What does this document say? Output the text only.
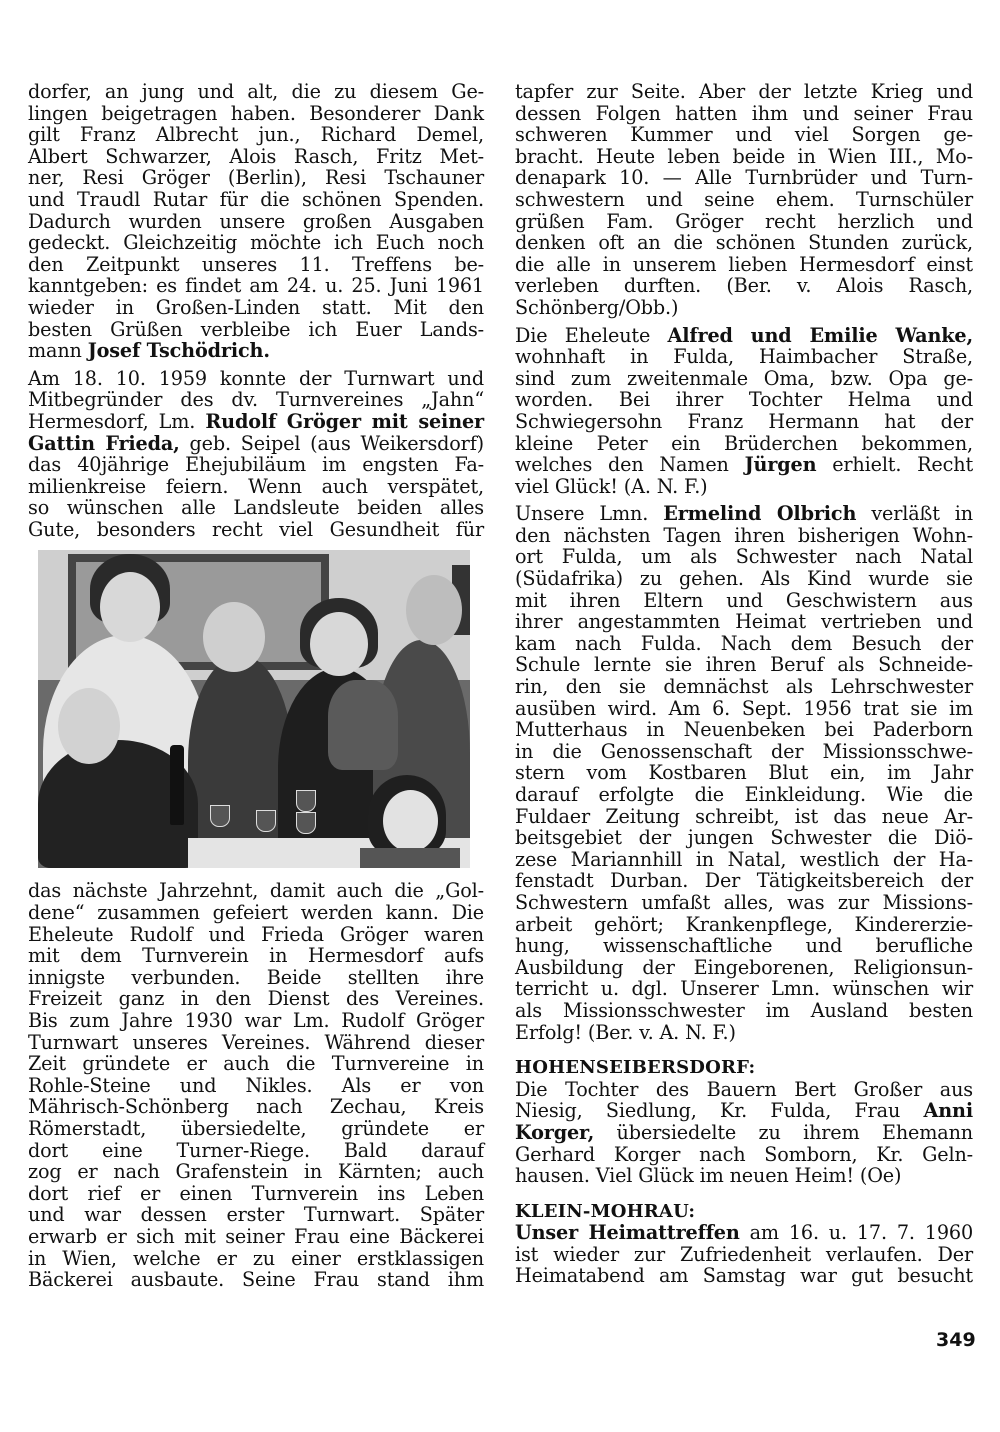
dorfer, an jung und alt, die zu diesem Ge-
lingen beigetragen haben. Besonderer Dank
gilt Franz Albrecht jun., Richard Demel,
Albert Schwarzer, Alois Rasch, Fritz Met-
ner, Resi Gröger (Berlin), Resi Tschauner
und Traudl Rutar für die schönen Spenden.
Dadurch wurden unsere großen Ausgaben
gedeckt. Gleichzeitig möchte ich Euch noch
den Zeitpunkt unseres 11. Treffens be-
kanntgeben: es findet am 24. u. 25. Juni 1961
wieder in Großen-Linden statt. Mit den
besten Grüßen verbleibe ich Euer Lands-
mann Josef Tschödrich.
Am 18. 10. 1959 konnte der Turnwart und
Mitbegründer des dv. Turnvereines „Jahn“
Hermesdorf, Lm. Rudolf Gröger mit seiner
Gattin Frieda, geb. Seipel (aus Weikersdorf)
das 40jährige Ehejubiläum im engsten Fa-
milienkreise feiern. Wenn auch verspätet,
so wünschen alle Landsleute beiden alles
Gute, besonders recht viel Gesundheit für
das nächste Jahrzehnt, damit auch die „Gol-
dene“ zusammen gefeiert werden kann. Die
Eheleute Rudolf und Frieda Gröger waren
mit dem Turnverein in Hermesdorf aufs
innigste verbunden. Beide stellten ihre
Freizeit ganz in den Dienst des Vereines.
Bis zum Jahre 1930 war Lm. Rudolf Gröger
Turnwart unseres Vereines. Während dieser
Zeit gründete er auch die Turnvereine in
Rohle-Steine und Nikles. Als er von
Mährisch-Schönberg nach Zechau, Kreis
Römerstadt, übersiedelte, gründete er
dort eine Turner-Riege. Bald darauf
zog er nach Grafenstein in Kärnten; auch
dort rief er einen Turnverein ins Leben
und war dessen erster Turnwart. Später
erwarb er sich mit seiner Frau eine Bäckerei
in Wien, welche er zu einer erstklassigen
Bäckerei ausbaute. Seine Frau stand ihm
tapfer zur Seite. Aber der letzte Krieg und
dessen Folgen hatten ihm und seiner Frau
schweren Kummer und viel Sorgen ge-
bracht. Heute leben beide in Wien III., Mo-
denapark 10. — Alle Turnbrüder und Turn-
schwestern und seine ehem. Turnschüler
grüßen Fam. Gröger recht herzlich und
denken oft an die schönen Stunden zurück,
die alle in unserem lieben Hermesdorf einst
verleben durften. (Ber. v. Alois Rasch,
Schönberg/Obb.)
Die Eheleute Alfred und Emilie Wanke,
wohnhaft in Fulda, Haimbacher Straße,
sind zum zweitenmale Oma, bzw. Opa ge-
worden. Bei ihrer Tochter Helma und
Schwiegersohn Franz Hermann hat der
kleine Peter ein Brüderchen bekommen,
welches den Namen Jürgen erhielt. Recht
viel Glück! (A. N. F.)
Unsere Lmn. Ermelind Olbrich verläßt in
den nächsten Tagen ihren bisherigen Wohn-
ort Fulda, um als Schwester nach Natal
(Südafrika) zu gehen. Als Kind wurde sie
mit ihren Eltern und Geschwistern aus
ihrer angestammten Heimat vertrieben und
kam nach Fulda. Nach dem Besuch der
Schule lernte sie ihren Beruf als Schneide-
rin, den sie demnächst als Lehrschwester
ausüben wird. Am 6. Sept. 1956 trat sie im
Mutterhaus in Neuenbeken bei Paderborn
in die Genossenschaft der Missionsschwe-
stern vom Kostbaren Blut ein, im Jahr
darauf erfolgte die Einkleidung. Wie die
Fuldaer Zeitung schreibt, ist das neue Ar-
beitsgebiet der jungen Schwester die Diö-
zese Mariannhill in Natal, westlich der Ha-
fenstadt Durban. Der Tätigkeitsbereich der
Schwestern umfaßt alles, was zur Missions-
arbeit gehört; Krankenpflege, Kindererzie-
hung, wissenschaftliche und berufliche
Ausbildung der Eingeborenen, Religionsun-
terricht u. dgl. Unserer Lmn. wünschen wir
als Missionsschwester im Ausland besten
Erfolg! (Ber. v. A. N. F.)
HOHENSEIBERSDORF:
Die Tochter des Bauern Bert Großer aus
Niesig, Siedlung, Kr. Fulda, Frau Anni
Korger, übersiedelte zu ihrem Ehemann
Gerhard Korger nach Somborn, Kr. Geln-
hausen. Viel Glück im neuen Heim! (Oe)
KLEIN-MOHRAU:
Unser Heimattreffen am 16. u. 17. 7. 1960
ist wieder zur Zufriedenheit verlaufen. Der
Heimatabend am Samstag war gut besucht
349
